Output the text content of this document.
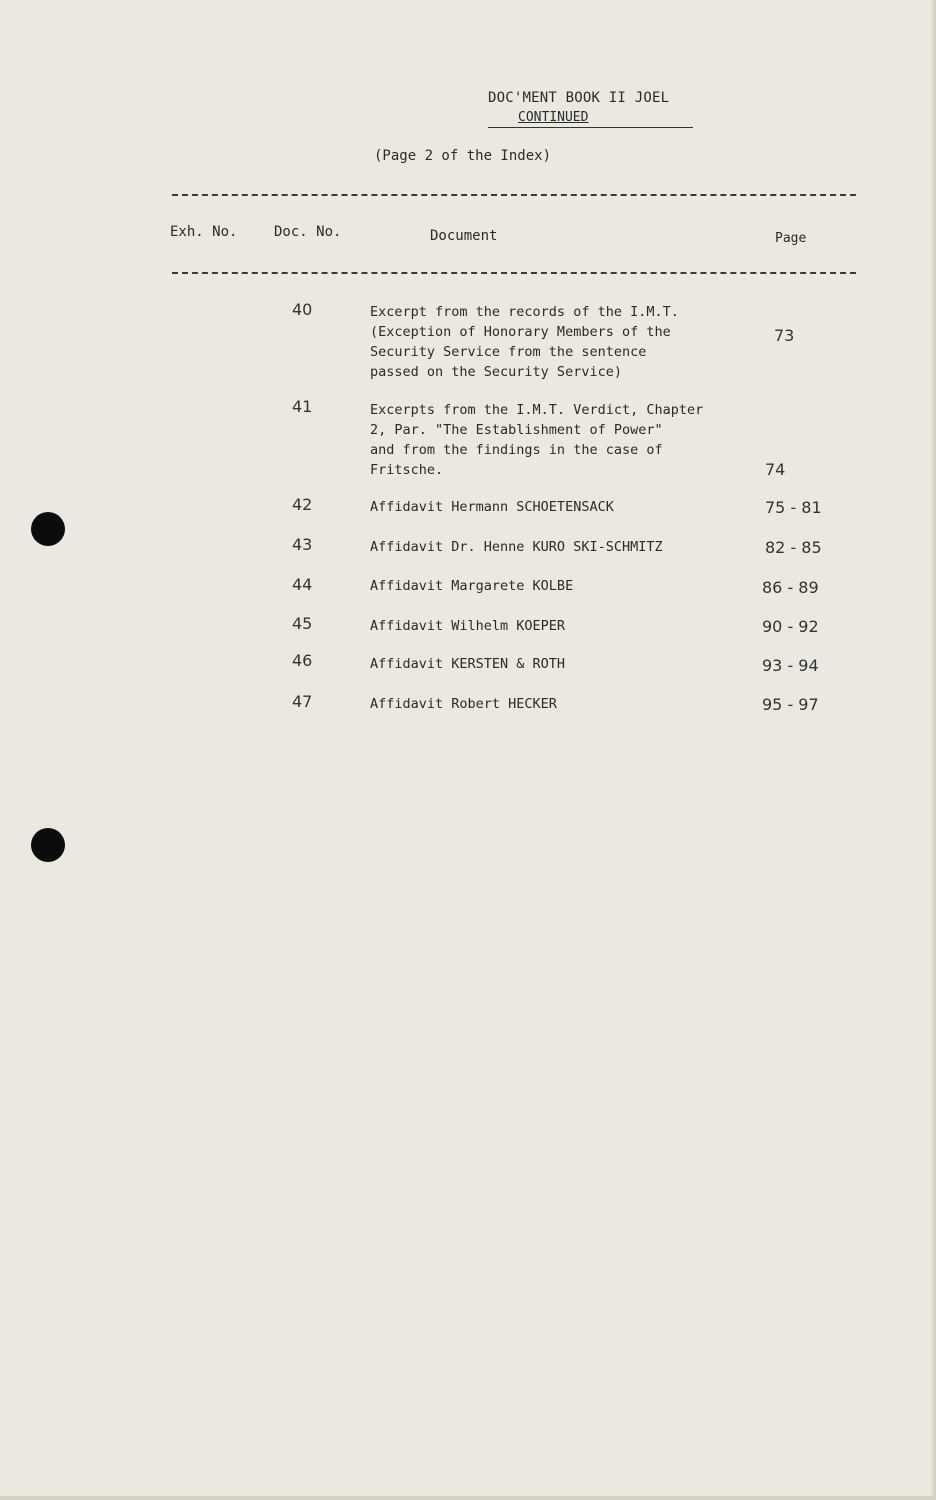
DOC'MENT BOOK II JOEL
CONTINUED
(Page 2 of the Index)
Exh. No.	Doc. No.	Document	Page
40	Excerpt from the records of the I.M.T.
(Exception of Honorary Members of the
Security Service from the sentence
passed on the Security Service)
73
41	Excerpts from the I.M.T. Verdict, Chapter
2, Par. "The Establishment of Power"
and from the findings in the case of
Fritsche.	74
42	Affidavit Hermann SCHOETENSACK	75 - 81
43	Affidavit Dr. Henne KURO SKI-SCHMITZ	82 - 85
44	Affidavit Margarete KOLBE	86 - 89
45	Affidavit Wilhelm KOEPER	90 - 92
46	Affidavit KERSTEN & ROTH	93 - 94
47	Affidavit Robert HECKER	95 - 97
